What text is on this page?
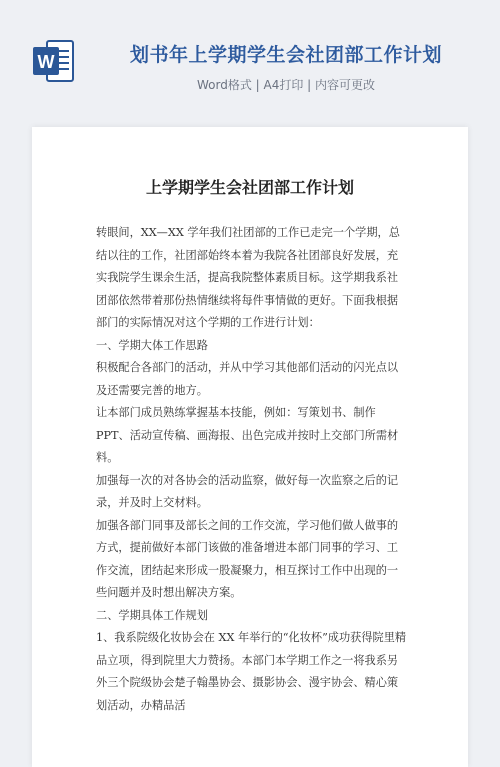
W	划书年上学期学生会社团部工作计划
Word格式 | A4打印 | 内容可更改
上学期学生会社团部工作计划

转眼间，XX—XX 学年我们社团部的工作已走完一个学期，总结以往的工作，社团部始终本着为我院各社团部良好发展，充实我院学生课余生活，提高我院整体素质目标。这学期我系社团部依然带着那份热情继续将每件事情做的更好。下面我根据部门的实际情况对这个学期的工作进行计划：

一、学期大体工作思路

积极配合各部门的活动，并从中学习其他部们活动的闪光点以及还需要完善的地方。

让本部门成员熟练掌握基本技能，例如：写策划书、制作 PPT、活动宣传稿、画海报、出色完成并按时上交部门所需材料。

加强每一次的对各协会的活动监察，做好每一次监察之后的记录，并及时上交材料。

加强各部门同事及部长之间的工作交流，学习他们做人做事的方式，提前做好本部门该做的准备增进本部门同事的学习、工作交流，团结起来形成一股凝聚力，相互探讨工作中出现的一些问题并及时想出解决方案。

二、学期具体工作规划

1、我系院级化妆协会在 XX 年举行的“化妆杯”成功获得院里精品立项，得到院里大力赞扬。本部门本学期工作之一将我系另外三个院级协会楚子翰墨协会、摄影协会、漫宇协会、精心策划活动，办精品活
